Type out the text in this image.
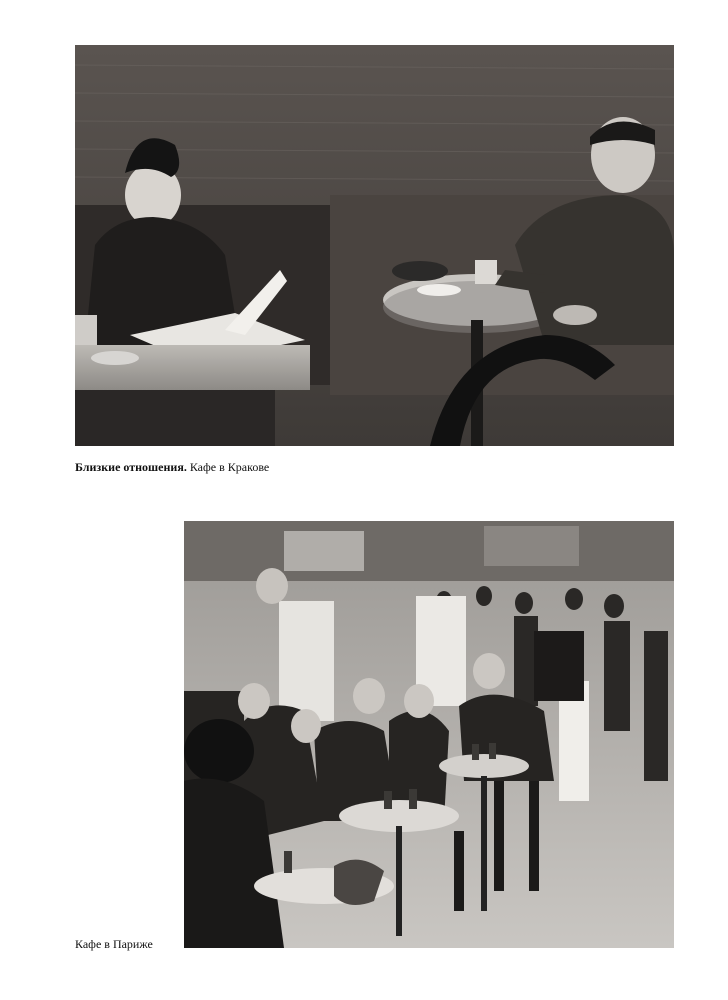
Близкие отношения. Кафе в Кракове
Кафе в Париже
